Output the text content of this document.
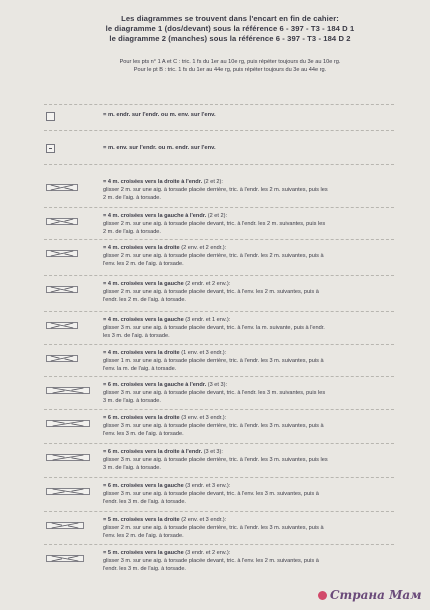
Les diagrammes se trouvent dans l'encart en fin de cahier:
le diagramme 1 (dos/devant) sous la référence 6 - 397 - T3 - 184 D 1
le diagramme 2 (manches) sous la référence 6 - 397 - T3 - 184 D 2
Pour les pts n° 1 A et C : tric. 1 fs du 1er au 10e rg, puis répéter toujours du 3e au 10e rg.
Pour le pt B : tric. 1 fs du 1er au 44e rg, puis répéter toujours du 3e au 44e rg.
= m. endr. sur l'endr. ou m. env. sur l'env.
= m. env. sur l'endr. ou m. endr. sur l'env.
= 4 m. croisées vers la droite à l'endr. (2 et 2):
glisser 2 m. sur une aig. à torsade placée derrière, tric. à l'endr. les 2 m. suivantes, puis les
2 m. de l'aig. à torsade.
= 4 m. croisées vers la gauche à l'endr. (2 et 2):
glisser 2 m. sur une aig. à torsade placée devant, tric. à l'endr. les 2 m. suivantes, puis les
2 m. de l'aig. à torsade.
= 4 m. croisées vers la droite (2 env. et 2 endr.):
glisser 2 m. sur une aig. à torsade placée derrière, tric. à l'endr. les 2 m. suivantes, puis à
l'env. les 2 m. de l'aig. à torsade.
= 4 m. croisées vers la gauche (2 endr. et 2 env.):
glisser 2 m. sur une aig. à torsade placée devant, tric. à l'env. les 2 m. suivantes, puis à
l'endr. les 2 m. de l'aig. à torsade.
= 4 m. croisées vers la gauche (3 endr. et 1 env.):
glisser 3 m. sur une aig. à torsade placée devant, tric. à l'env. la m. suivante, puis à l'endr.
les 3 m. de l'aig. à torsade.
= 4 m. croisées vers la droite (1 env. et 3 endr.):
glisser 1 m. sur une aig. à torsade placée derrière, tric. à l'endr. les 3 m. suivantes, puis à
l'env. la m. de l'aig. à torsade.
= 6 m. croisées vers la gauche à l'endr. (3 et 3):
glisser 3 m. sur une aig. à torsade placée devant, tric. à l'endr. les 3 m. suivantes, puis les
3 m. de l'aig. à torsade.
= 6 m. croisées vers la droite (3 env. et 3 endr.):
glisser 3 m. sur une aig. à torsade placée derrière, tric. à l'endr. les 3 m. suivantes, puis à
l'env. les 3 m. de l'aig. à torsade.
= 6 m. croisées vers la droite à l'endr. (3 et 3):
glisser 3 m. sur une aig. à torsade placée derrière, tric. à l'endr. les 3 m. suivantes, puis les
3 m. de l'aig. à torsade.
= 6 m. croisées vers la gauche (3 endr. et 3 env.):
glisser 3 m. sur une aig. à torsade placée devant, tric. à l'env. les 3 m. suivantes, puis à
l'endr. les 3 m. de l'aig. à torsade.
= 5 m. croisées vers la droite (2 env. et 3 endr.):
glisser 2 m. sur une aig. à torsade placée derrière, tric. à l'endr. les 3 m. suivantes, puis à
l'env. les 2 m. de l'aig. à torsade.
= 5 m. croisées vers la gauche (3 endr. et 2 env.):
glisser 3 m. sur une aig. à torsade placée devant, tric. à l'env. les 2 m. suivantes, puis à
l'endr. les 3 m. de l'aig. à torsade.
Страна Мам
